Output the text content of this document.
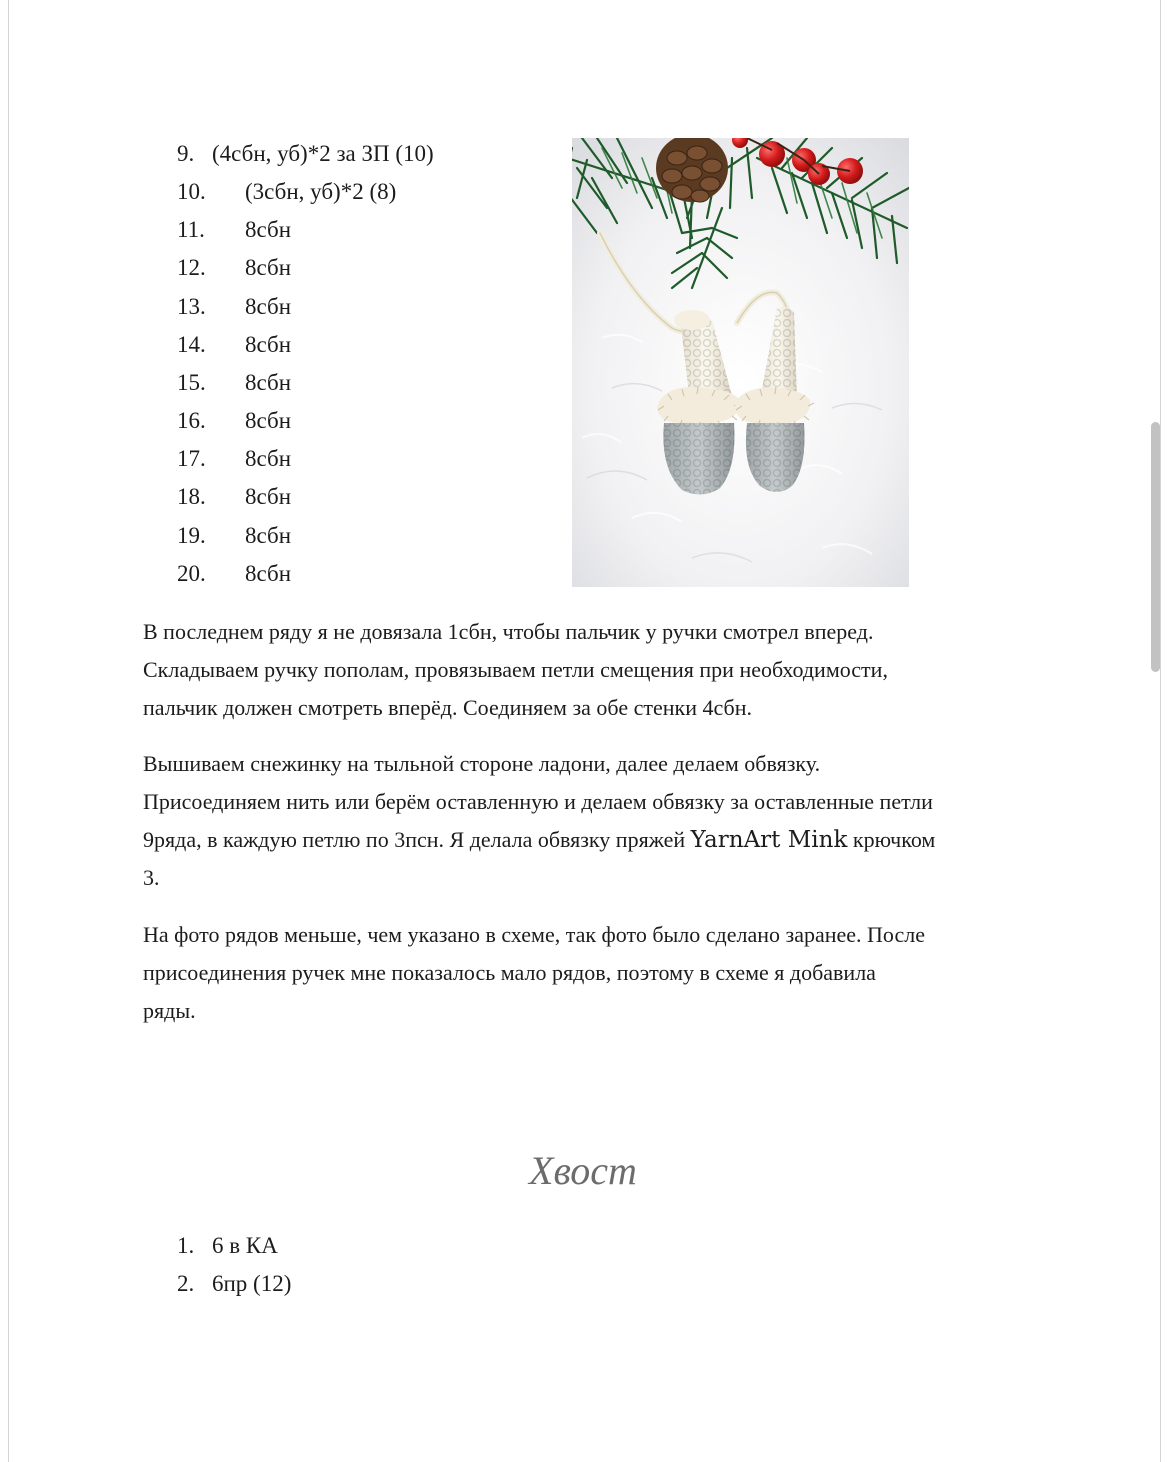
9. (4сбн, уб)*2 за ЗП (10)
10. (3сбн, уб)*2 (8)
11. 8сбн
12. 8сбн
13. 8сбн
14. 8сбн
15. 8сбн
16. 8сбн
17. 8сбн
18. 8сбн
19. 8сбн
20. 8сбн
В последнем ряду я не довязала 1сбн, чтобы пальчик у ручки смотрел вперед.
Складываем ручку пополам, провязываем петли смещения при необходимости,
пальчик должен смотреть вперёд. Соединяем за обе стенки 4сбн.
Вышиваем снежинку на тыльной стороне ладони, далее делаем обвязку.
Присоединяем нить или берём оставленную и делаем обвязку за оставленные петли
9ряда, в каждую петлю по 3псн. Я делала обвязку пряжей YarnArt Mink крючком
3.
На фото рядов меньше, чем указано в схеме, так фото было сделано заранее. После
присоединения ручек мне показалось мало рядов, поэтому в схеме я добавила
ряды.
Хвост
1. 6 в КА
2. 6пр (12)
